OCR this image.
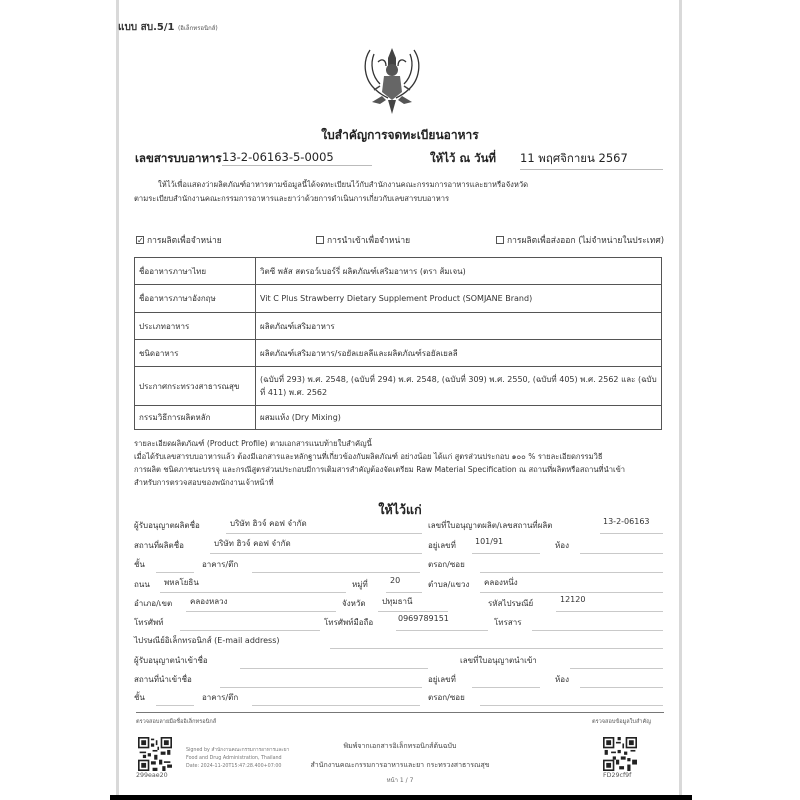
แบบ สบ.5/1 (อิเล็กทรอนิกส์)
ใบสำคัญการจดทะเบียนอาหาร
เลขสารบบอาหาร 13-2-06163-5-0005	ให้ไว้ ณ วันที่ 11 พฤศจิกายน 2567
ให้ไว้เพื่อแสดงว่าผลิตภัณฑ์อาหารตามข้อมูลนี้ได้จดทะเบียนไว้กับสำนักงานคณะกรรมการอาหารและยาหรือจังหวัด
ตามระเบียบสำนักงานคณะกรรมการอาหารและยาว่าด้วยการดำเนินการเกี่ยวกับเลขสารบบอาหาร
✓ การผลิตเพื่อจำหน่าย	การนำเข้าเพื่อจำหน่าย	การผลิตเพื่อส่งออก (ไม่จำหน่ายในประเทศ)
ชื่ออาหารภาษาไทย	วิตซี พลัส สตรอว์เบอร์รี่ ผลิตภัณฑ์เสริมอาหาร (ตรา ส้มเจน)
ชื่ออาหารภาษาอังกฤษ	Vit C Plus Strawberry Dietary Supplement Product (SOMJANE Brand)
ประเภทอาหาร	ผลิตภัณฑ์เสริมอาหาร
ชนิดอาหาร	ผลิตภัณฑ์เสริมอาหาร/รอยัลเยลลีและผลิตภัณฑ์รอยัลเยลลี
ประกาศกระทรวงสาธารณสุข	(ฉบับที่ 293) พ.ศ. 2548, (ฉบับที่ 294) พ.ศ. 2548, (ฉบับที่ 309) พ.ศ. 2550, (ฉบับที่ 405) พ.ศ. 2562 และ (ฉบับที่ 411) พ.ศ. 2562
กรรมวิธีการผลิตหลัก	ผสมแห้ง (Dry Mixing)
รายละเอียดผลิตภัณฑ์ (Product Profile) ตามเอกสารแนบท้ายใบสำคัญนี้
เมื่อได้รับเลขสารบบอาหารแล้ว ต้องมีเอกสารและหลักฐานที่เกี่ยวข้องกับผลิตภัณฑ์ อย่างน้อย ได้แก่ สูตรส่วนประกอบ ๑๐๐ % รายละเอียดกรรมวิธี
การผลิต ชนิดภาชนะบรรจุ และกรณีสูตรส่วนประกอบมีการเติมสารสำคัญต้องจัดเตรียม Raw Material Specification ณ สถานที่ผลิตหรือสถานที่นำเข้า
สำหรับการตรวจสอบของพนักงานเจ้าหน้าที่
ให้ไว้แก่
ผู้รับอนุญาตผลิตชื่อ	บริษัท ฮิวจ์ คอฟ จำกัด	เลขที่ใบอนุญาตผลิต/เลขสถานที่ผลิต	13-2-06163
สถานที่ผลิตชื่อ	บริษัท ฮิวจ์ คอฟ จำกัด	อยู่เลขที่ 101/91	ห้อง
ชั้น	อาคาร/ตึก	ตรอก/ซอย
ถนน พหลโยธิน	หมู่ที่	20	ตำบล/แขวง คลองหนึ่ง
อำเภอ/เขต คลองหลวง	จังหวัด ปทุมธานี	รหัสไปรษณีย์	12120
โทรศัพท์	โทรศัพท์มือถือ	0969789151	โทรสาร
ไปรษณีย์อิเล็กทรอนิกส์ (E-mail address)
ผู้รับอนุญาตนำเข้าชื่อ	เลขที่ใบอนุญาตนำเข้า
สถานที่นำเข้าชื่อ	อยู่เลขที่	ห้อง
ชั้น	อาคาร/ตึก	ตรอก/ซอย
ตรวจสอบลายมือชื่ออิเล็กทรอนิกส์	ตรวจสอบข้อมูลใบสำคัญ
299eae20
Signed by สำนักงานคณะกรรมการอาหารและยา
Food and Drug Administration, Thailand
Date: 2024-11-20T15:47:28.400+07:00
พิมพ์จากเอกสารอิเล็กทรอนิกส์ต้นฉบับ
สำนักงานคณะกรรมการอาหารและยา กระทรวงสาธารณสุข
หน้า 1 / 7
FD29cf9f
